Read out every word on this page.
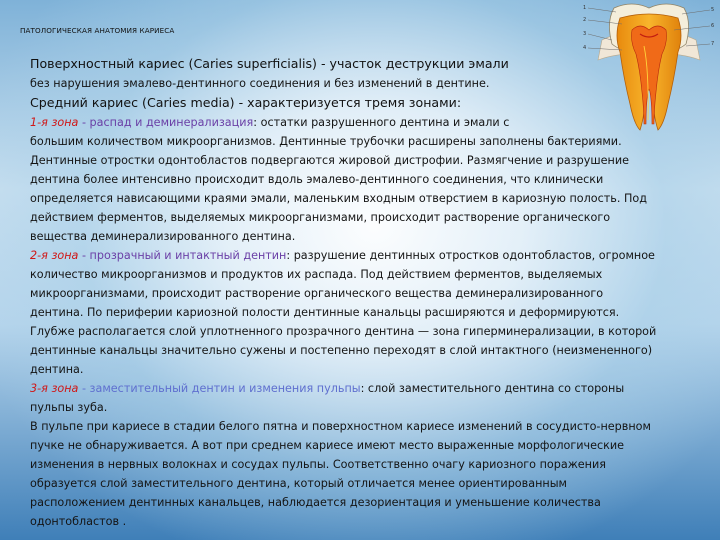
ПАТОЛОГИЧЕСКАЯ АНАТОМИЯ КАРИЕСА
1
2
3
4
5
6
7
Поверхностный кариес (Caries superficialis) - участок деструкции эмали
без нарушения эмалево-дентинного соединения и без изменений в дентине.
Средний кариес (Caries media) - характеризуется тремя зонами:
1-я зона - распад и деминерализация: остатки разрушенного дентина и эмали с
большим количеством микроорганизмов. Дентинные трубочки расширены заполнены бактериями.
Дентинные отростки одонтобластов подвергаются жировой дистрофии. Размягчение и разрушение
дентина более интенсивно происходит вдоль эмалево-дентинного соединения, что клинически
определяется нависающими краями эмали, маленьким входным отверстием в кариозную полость. Под
действием ферментов, выделяемых микроорганизмами, происходит растворение органического
вещества деминерализированного дентина.
2-я зона - прозрачный и интактный дентин: разрушение дентинных отростков одонтобластов, огромное
количество микроорганизмов и продуктов их распада. Под действием ферментов, выделяемых
микроорганизмами, происходит растворение органического вещества деминерализированного
дентина. По периферии кариозной полости дентинные канальцы расширяются и деформируются.
Глубже располагается слой уплотненного прозрачного дентина — зона гиперминерализации, в которой
дентинные канальцы значительно сужены и постепенно переходят в слой интактного (неизмененного)
дентина.
3-я зона - заместительный дентин и изменения пульпы: слой заместительного дентина со стороны
пульпы зуба.
В пульпе при кариесе в стадии белого пятна и поверхностном кариесе изменений в сосудисто-нервном
пучке не обнаруживается. А вот при среднем кариесе имеют место выраженные морфологические
изменения в нервных волокнах и сосудах пульпы. Соответственно очагу кариозного поражения
образуется слой заместительного дентина, который отличается менее ориентированным
расположением дентинных канальцев, наблюдается дезориентация и уменьшение количества
одонтобластов .
